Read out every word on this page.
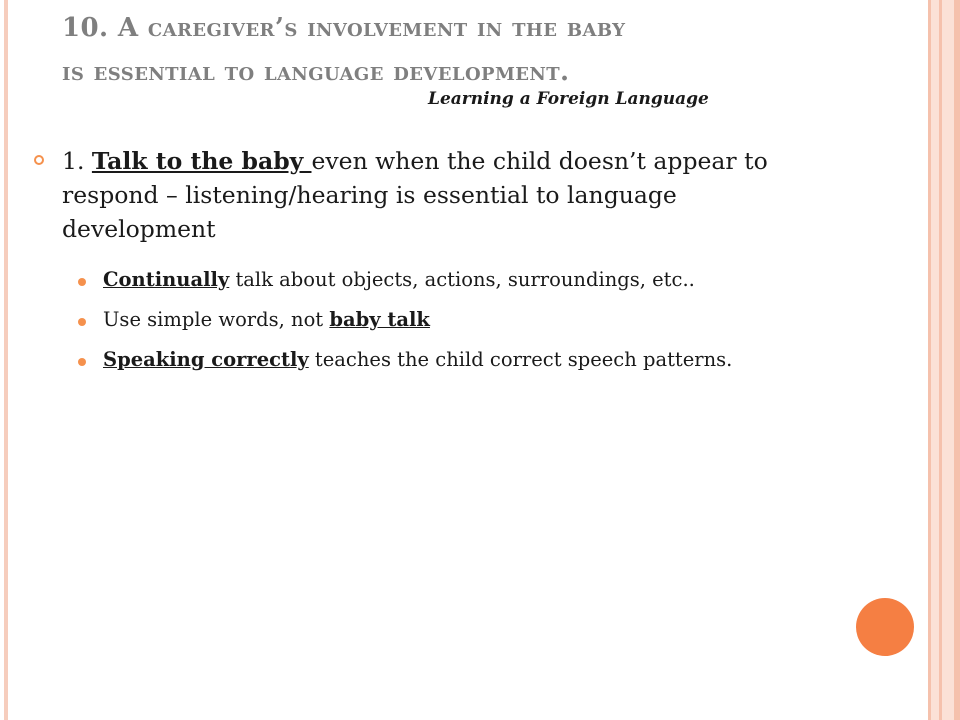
10. A caregiver’s involvement in the baby
is essential to language development.
Learning a Foreign Language
1. Talk to the baby even when the child doesn’t appear to respond – listening/hearing is essential to language development
Continually talk about objects, actions, surroundings, etc..
Use simple words, not baby talk
Speaking correctly teaches the child correct speech patterns.
